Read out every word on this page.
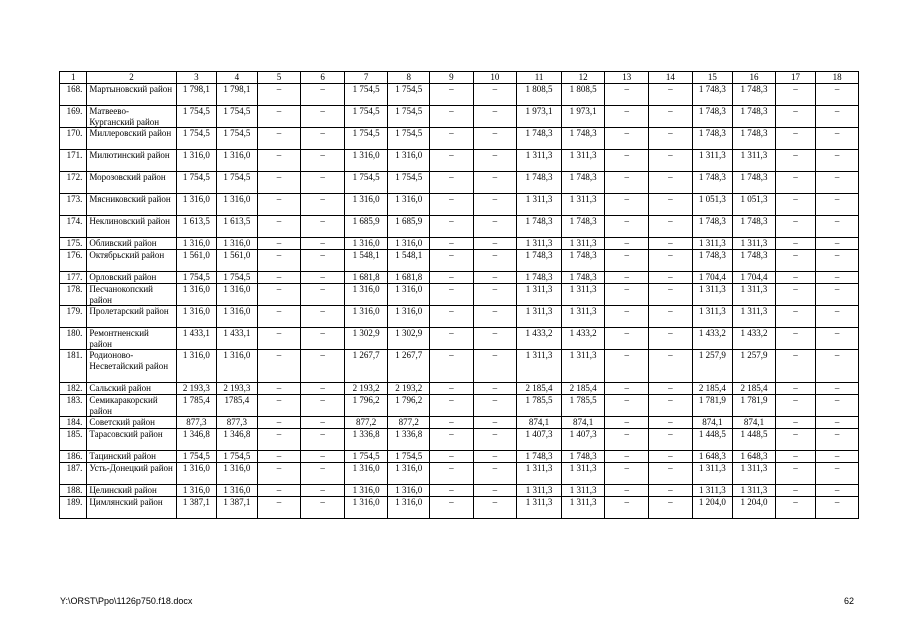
1	2	3	4	5	6	7	8	9	10	11	12	13	14	15	16	17	18
168.	Мартыновский район	1 798,1	1 798,1	–	–	1 754,5	1 754,5	–	–	1 808,5	1 808,5	–	–	1 748,3	1 748,3	–	–
169.	Матвеево-Курганский район	1 754,5	1 754,5	–	–	1 754,5	1 754,5	–	–	1 973,1	1 973,1	–	–	1 748,3	1 748,3	–	–
170.	Миллеровский район	1 754,5	1 754,5	–	–	1 754,5	1 754,5	–	–	1 748,3	1 748,3	–	–	1 748,3	1 748,3	–	–
171.	Милютинский район	1 316,0	1 316,0	–	–	1 316,0	1 316,0	–	–	1 311,3	1 311,3	–	–	1 311,3	1 311,3	–	–
172.	Морозовский район	1 754,5	1 754,5	–	–	1 754,5	1 754,5	–	–	1 748,3	1 748,3	–	–	1 748,3	1 748,3	–	–
173.	Мясниковский район	1 316,0	1 316,0	–	–	1 316,0	1 316,0	–	–	1 311,3	1 311,3	–	–	1 051,3	1 051,3	–	–
174.	Неклиновский район	1 613,5	1 613,5	–	–	1 685,9	1 685,9	–	–	1 748,3	1 748,3	–	–	1 748,3	1 748,3	–	–
175.	Обливский район	1 316,0	1 316,0	–	–	1 316,0	1 316,0	–	–	1 311,3	1 311,3	–	–	1 311,3	1 311,3	–	–
176.	Октябрьский район	1 561,0	1 561,0	–	–	1 548,1	1 548,1	–	–	1 748,3	1 748,3	–	–	1 748,3	1 748,3	–	–
177.	Орловский район	1 754,5	1 754,5	–	–	1 681,8	1 681,8	–	–	1 748,3	1 748,3	–	–	1 704,4	1 704,4	–	–
178.	Песчанокопский район	1 316,0	1 316,0	–	–	1 316,0	1 316,0	–	–	1 311,3	1 311,3	–	–	1 311,3	1 311,3	–	–
179.	Пролетарский район	1 316,0	1 316,0	–	–	1 316,0	1 316,0	–	–	1 311,3	1 311,3	–	–	1 311,3	1 311,3	–	–
180.	Ремонтненский район	1 433,1	1 433,1	–	–	1 302,9	1 302,9	–	–	1 433,2	1 433,2	–	–	1 433,2	1 433,2	–	–
181.	Родионово-Несветайский район	1 316,0	1 316,0	–	–	1 267,7	1 267,7	–	–	1 311,3	1 311,3	–	–	1 257,9	1 257,9	–	–
182.	Сальский район	2 193,3	2 193,3	–	–	2 193,2	2 193,2	–	–	2 185,4	2 185,4	–	–	2 185,4	2 185,4	–	–
183.	Семикаракорский район	1 785,4	1785,4	–	–	1 796,2	1 796,2	–	–	1 785,5	1 785,5	–	–	1 781,9	1 781,9	–	–
184.	Советский район	877,3	877,3	–	–	877,2	877,2	–	–	874,1	874,1	–	–	874,1	874,1	–	–
185.	Тарасовский район	1 346,8	1 346,8	–	–	1 336,8	1 336,8	–	–	1 407,3	1 407,3	–	–	1 448,5	1 448,5	–	–
186.	Тацинский район	1 754,5	1 754,5	–	–	1 754,5	1 754,5	–	–	1 748,3	1 748,3	–	–	1 648,3	1 648,3	–	–
187.	Усть-Донецкий район	1 316,0	1 316,0	–	–	1 316,0	1 316,0	–	–	1 311,3	1 311,3	–	–	1 311,3	1 311,3	–	–
188.	Целинский район	1 316,0	1 316,0	–	–	1 316,0	1 316,0	–	–	1 311,3	1 311,3	–	–	1 311,3	1 311,3	–	–
189.	Цимлянский район	1 387,1	1 387,1	–	–	1 316,0	1 316,0	–	–	1 311,3	1 311,3	–	–	1 204,0	1 204,0	–	–
Y:\ORST\Ppo\1126p750.f18.docx	62
